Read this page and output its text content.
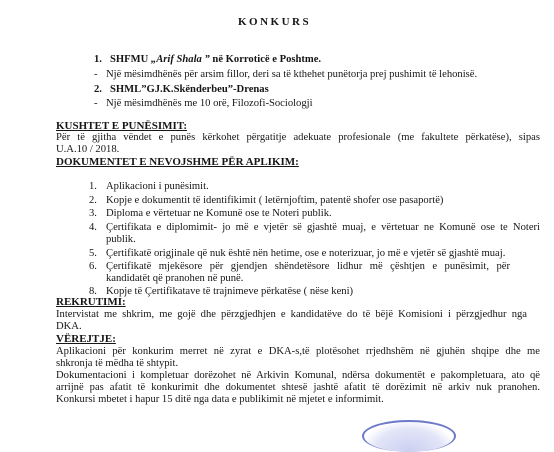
KONKURS
1. SHFMU „Arif Shala ” në Korroticë e Poshtme.
- Një mësimdhënës për arsim fillor, deri sa të kthehet punëtorja prej pushimit të lehonisë.
2. SHML”GJ.K.Skënderbeu”-Drenas
- Një mësimdhënës me 10 orë, Filozofi-Sociologji
KUSHTET E PUNËSIMIT:
Për të gjitha vëndet e punës kërkohet përgatitje adekuate profesionale (me fakultete përkatëse), sipas
U.A.10 / 2018.
DOKUMENTET E NEVOJSHME PËR APLIKIM:
1. Aplikacioni i punësimit.
2. Kopje e dokumentit të identifikimit ( letërnjoftim, patentë shofer ose pasaportë)
3. Diploma e vërtetuar ne Komunë ose te Noteri publik.
4. Çertifikata e diplomimit- jo më e vjetër së gjashtë muaj, e vërtetuar ne Komunë ose te Noteri
publik.
5. Çertifikatë origjinale që nuk është nën hetime, ose e noterizuar, jo më e vjetër së gjashtë muaj.
6. Çertifikatë mjekësore për gjendjen shëndetësore lidhur më çështjen e punësimit, për
kandidatët që pranohen në punë.
8. Kopje të Çertifikatave të trajnimeve përkatëse ( nëse keni)
REKRUTIMI:
Intervistat me shkrim, me gojë dhe përzgjedhjen e kandidatëve do të bëjë Komisioni i përzgjedhur nga
DKA.
VËREJTJE:
Aplikacioni për konkurim merret në zyrat e DKA-s,të plotësohet rrjedhshëm në gjuhën shqipe dhe me
shkronja të mëdha të shtypit.
Dokumentacioni i kompletuar dorëzohet në Arkivin Komunal, ndërsa dokumentët e pakompletuara, ato që
arrijnë pas afatit të konkurimit dhe dokumentet shtesë jashtë afatit të dorëzimit në arkiv nuk pranohen.
Konkursi mbetet i hapur 15 ditë nga data e publikimit në mjetet e informimit.
